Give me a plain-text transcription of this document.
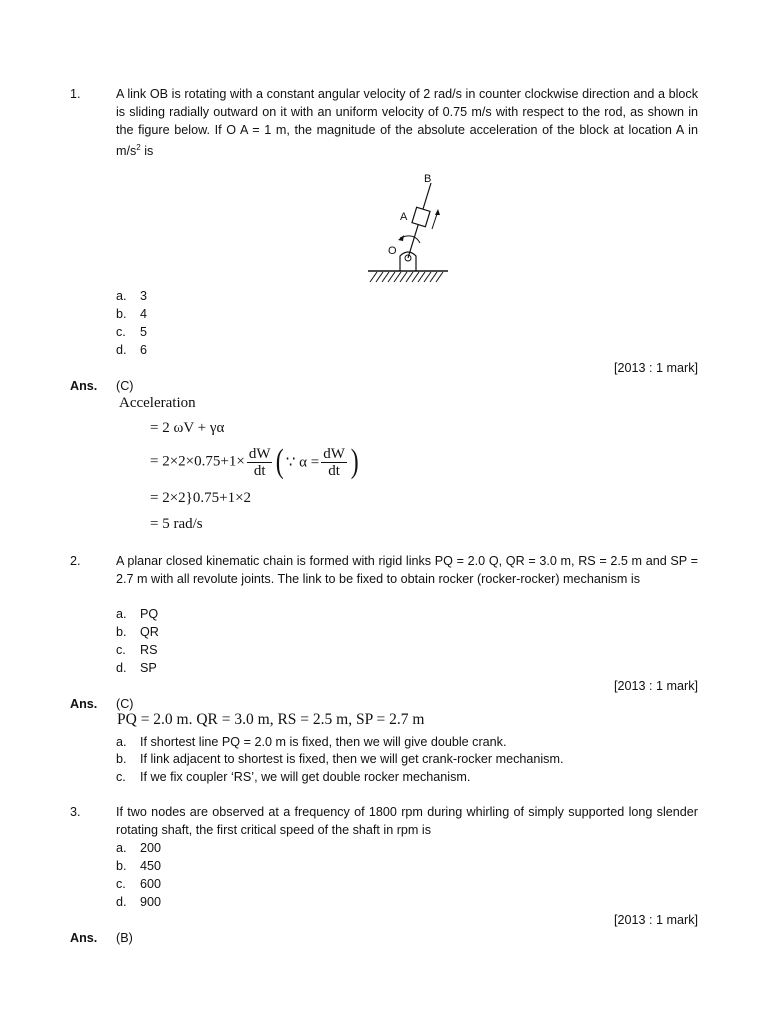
1.	A link OB is rotating with a constant angular velocity of 2 rad/s in counter clockwise direction and a block is sliding radially outward on it with an uniform velocity of 0.75 m/s with respect to the rod, as shown in the figure below. If O A = 1 m, the magnitude of the absolute acceleration of the block at location A in $m/s^2$ is
B
A
O
a. 3
b. 4
c. 5
d. 6
[2013 : 1 mark]
Ans. (C)
Acceleration
= 2 ωV + γα
= $2\times 2\times 0.75+1\times \frac{dW}{dt}$ ( ∵ $\alpha = \frac{dW}{dt}$ )
= 2×2}0.75+1×2
= 5 rad/s
2.	A planar closed kinematic chain is formed with rigid links PQ = 2.0 Q, QR = 3.0 m, RS = 2.5 m and SP = 2.7 m with all revolute joints. The link to be fixed to obtain rocker (rocker-rocker) mechanism is
a. PQ
b. QR
c. RS
d. SP
[2013 : 1 mark]
Ans. (C)
PQ = 2.0 m. QR = 3.0 m, RS = 2.5 m, SP = 2.7 m
a. If shortest line PQ = 2.0 m is fixed, then we will give double crank.
b. If link adjacent to shortest is fixed, then we will get crank-rocker mechanism.
c. If we fix coupler ‘RS’, we will get double rocker mechanism.
3.	If two nodes are observed at a frequency of 1800 rpm during whirling of simply supported long slender rotating shaft, the first critical speed of the shaft in rpm is
a. 200
b. 450
c. 600
d. 900
[2013 : 1 mark]
Ans. (B)
